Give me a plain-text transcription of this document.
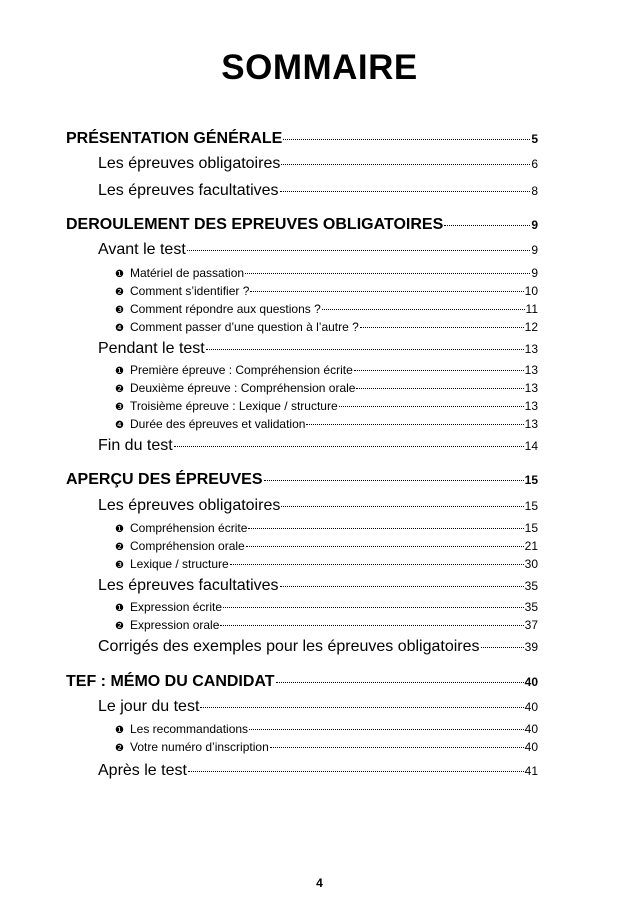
SOMMAIRE
PRÉSENTATION GÉNÉRALE	5
Les épreuves obligatoires	6
Les épreuves facultatives	8
DEROULEMENT DES EPREUVES OBLIGATOIRES	9
Avant le test	9
❶ Matériel de passation	9
❷ Comment s’identifier ?	10
❸ Comment répondre aux questions ?	11
❹ Comment passer d’une question à l’autre ?	12
Pendant le test	13
❶ Première épreuve : Compréhension écrite	13
❷ Deuxième épreuve : Compréhension orale	13
❸ Troisième épreuve : Lexique / structure	13
❹ Durée des épreuves et validation	13
Fin du test	14
APERÇU DES ÉPREUVES	15
Les épreuves obligatoires	15
❶ Compréhension écrite	15
❷ Compréhension orale	21
❸ Lexique / structure	30
Les épreuves facultatives	35
❶ Expression écrite	35
❷ Expression orale	37
Corrigés des exemples pour les épreuves obligatoires	39
TEF : MÉMO DU CANDIDAT	40
Le jour du test	40
❶ Les recommandations	40
❷ Votre numéro d’inscription	40
Après le test	41
4
